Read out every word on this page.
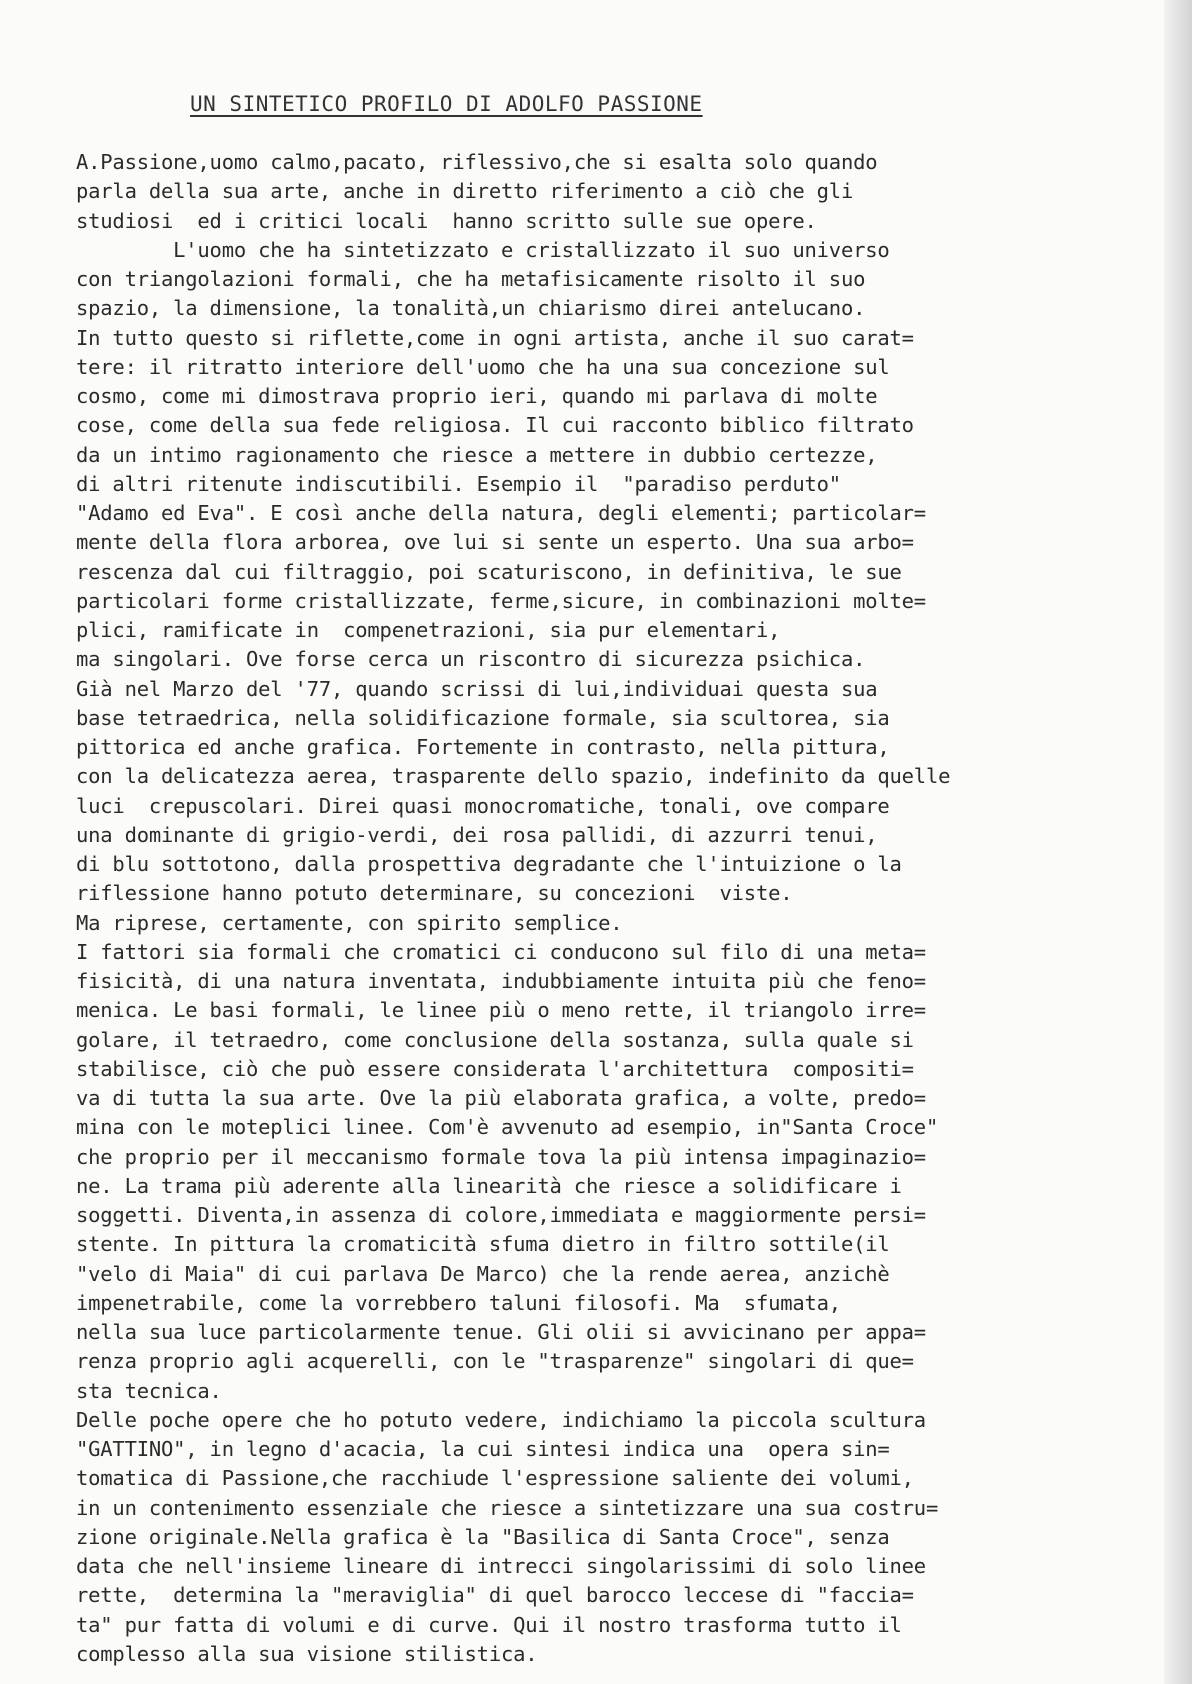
UN SINTETICO PROFILO DI ADOLFO PASSIONE
A.Passione,uomo calmo,pacato, riflessivo,che si esalta solo quando
parla della sua arte, anche in diretto riferimento a ciò che gli
studiosi  ed i critici locali  hanno scritto sulle sue opere.
L'uomo che ha sintetizzato e cristallizzato il suo universo
con triangolazioni formali, che ha metafisicamente risolto il suo
spazio, la dimensione, la tonalità,un chiarismo direi antelucano.
In tutto questo si riflette,come in ogni artista, anche il suo carat=
tere: il ritratto interiore dell'uomo che ha una sua concezione sul
cosmo, come mi dimostrava proprio ieri, quando mi parlava di molte
cose, come della sua fede religiosa. Il cui racconto biblico filtrato
da un intimo ragionamento che riesce a mettere in dubbio certezze,
di altri ritenute indiscutibili. Esempio il  "paradiso perduto"
"Adamo ed Eva". E così anche della natura, degli elementi; particolar=
mente della flora arborea, ove lui si sente un esperto. Una sua arbo=
rescenza dal cui filtraggio, poi scaturiscono, in definitiva, le sue
particolari forme cristallizzate, ferme,sicure, in combinazioni molte=
plici, ramificate in  compenetrazioni, sia pur elementari,
ma singolari. Ove forse cerca un riscontro di sicurezza psichica.
Già nel Marzo del '77, quando scrissi di lui,individuai questa sua
base tetraedrica, nella solidificazione formale, sia scultorea, sia
pittorica ed anche grafica. Fortemente in contrasto, nella pittura,
con la delicatezza aerea, trasparente dello spazio, indefinito da quelle
luci  crepuscolari. Direi quasi monocromatiche, tonali, ove compare
una dominante di grigio-verdi, dei rosa pallidi, di azzurri tenui,
di blu sottotono, dalla prospettiva degradante che l'intuizione o la
riflessione hanno potuto determinare, su concezioni  viste.
Ma riprese, certamente, con spirito semplice.
I fattori sia formali che cromatici ci conducono sul filo di una meta=
fisicità, di una natura inventata, indubbiamente intuita più che feno=
menica. Le basi formali, le linee più o meno rette, il triangolo irre=
golare, il tetraedro, come conclusione della sostanza, sulla quale si
stabilisce, ciò che può essere considerata l'architettura  compositi=
va di tutta la sua arte. Ove la più elaborata grafica, a volte, predo=
mina con le moteplici linee. Com'è avvenuto ad esempio, in"Santa Croce"
che proprio per il meccanismo formale tova la più intensa impaginazio=
ne. La trama più aderente alla linearità che riesce a solidificare i
soggetti. Diventa,in assenza di colore,immediata e maggiormente persi=
stente. In pittura la cromaticità sfuma dietro in filtro sottile(il
"velo di Maia" di cui parlava De Marco) che la rende aerea, anzichè
impenetrabile, come la vorrebbero taluni filosofi. Ma  sfumata,
nella sua luce particolarmente tenue. Gli olii si avvicinano per appa=
renza proprio agli acquerelli, con le "trasparenze" singolari di que=
sta tecnica.
Delle poche opere che ho potuto vedere, indichiamo la piccola scultura
"GATTINO", in legno d'acacia, la cui sintesi indica una  opera sin=
tomatica di Passione,che racchiude l'espressione saliente dei volumi,
in un contenimento essenziale che riesce a sintetizzare una sua costru=
zione originale.Nella grafica è la "Basilica di Santa Croce", senza
data che nell'insieme lineare di intrecci singolarissimi di solo linee
rette,  determina la "meraviglia" di quel barocco leccese di "faccia=
ta" pur fatta di volumi e di curve. Qui il nostro trasforma tutto il
complesso alla sua visione stilistica.
